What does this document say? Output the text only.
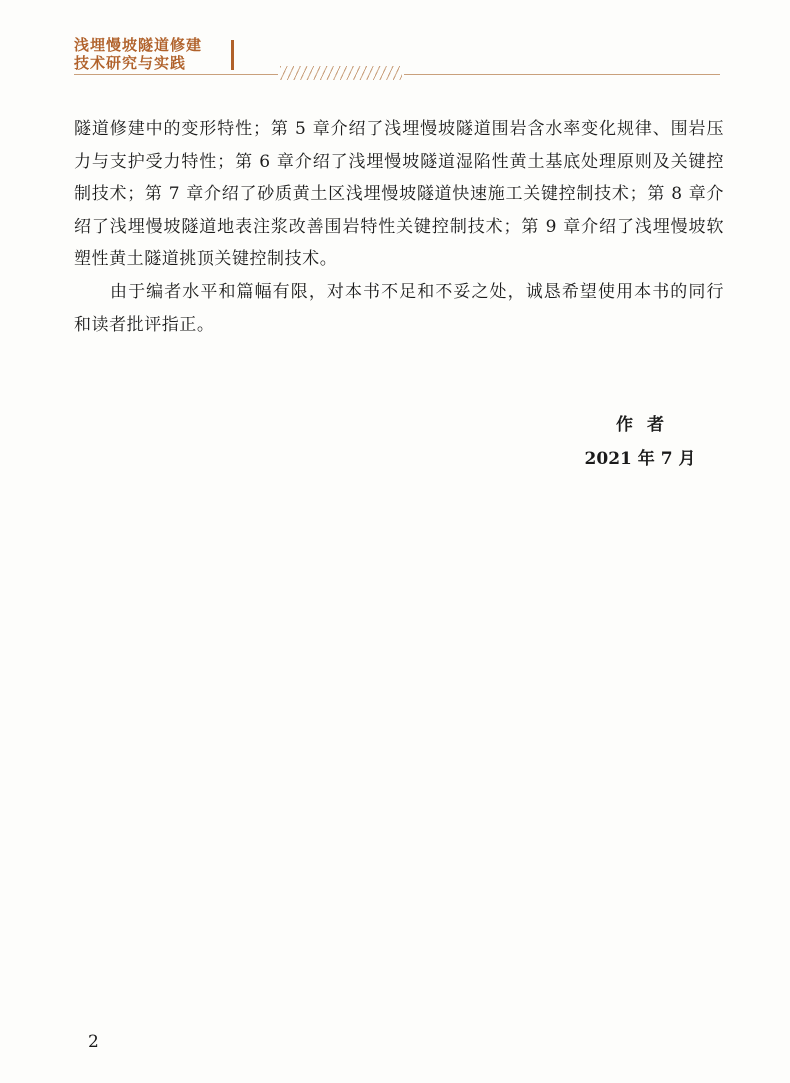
浅埋慢坡隧道修建
技术研究与实践

隧道修建中的变形特性；第 5 章介绍了浅埋慢坡隧道围岩含水率变化规律、围岩压力与支护受力特性；第 6 章介绍了浅埋慢坡隧道湿陷性黄土基底处理原则及关键控制技术；第 7 章介绍了砂质黄土区浅埋慢坡隧道快速施工关键控制技术；第 8 章介绍了浅埋慢坡隧道地表注浆改善围岩特性关键控制技术；第 9 章介绍了浅埋慢坡软塑性黄土隧道挑顶关键控制技术。

由于编者水平和篇幅有限，对本书不足和不妥之处，诚恳希望使用本书的同行和读者批评指正。

作者
2021 年 7 月
2
